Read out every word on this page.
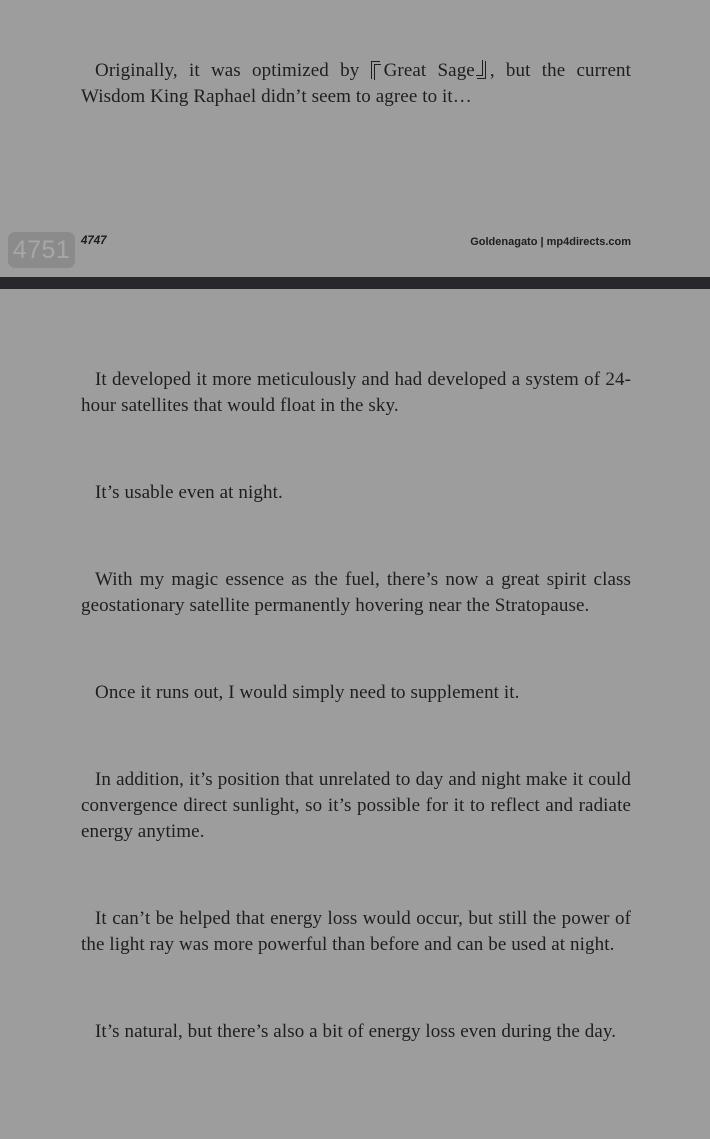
Originally, it was optimized by Great Sage , but the current Wisdom King Raphael didn’t seem to agree to it…

4751 4747	Goldenagato | mp4directs.com

It developed it more meticulously and had developed a system of 24-hour satellites that would float in the sky.

It’s usable even at night.

With my magic essence as the fuel, there’s now a great spirit class geostationary satellite permanently hovering near the Stratopause.

Once it runs out, I would simply need to supplement it.

In addition, it’s position that unrelated to day and night make it could convergence direct sunlight, so it’s possible for it to reflect and radiate energy anytime.

It can’t be helped that energy loss would occur, but still the power of the light ray was more powerful than before and can be used at night.

It’s natural, but there’s also a bit of energy loss even during the day.
